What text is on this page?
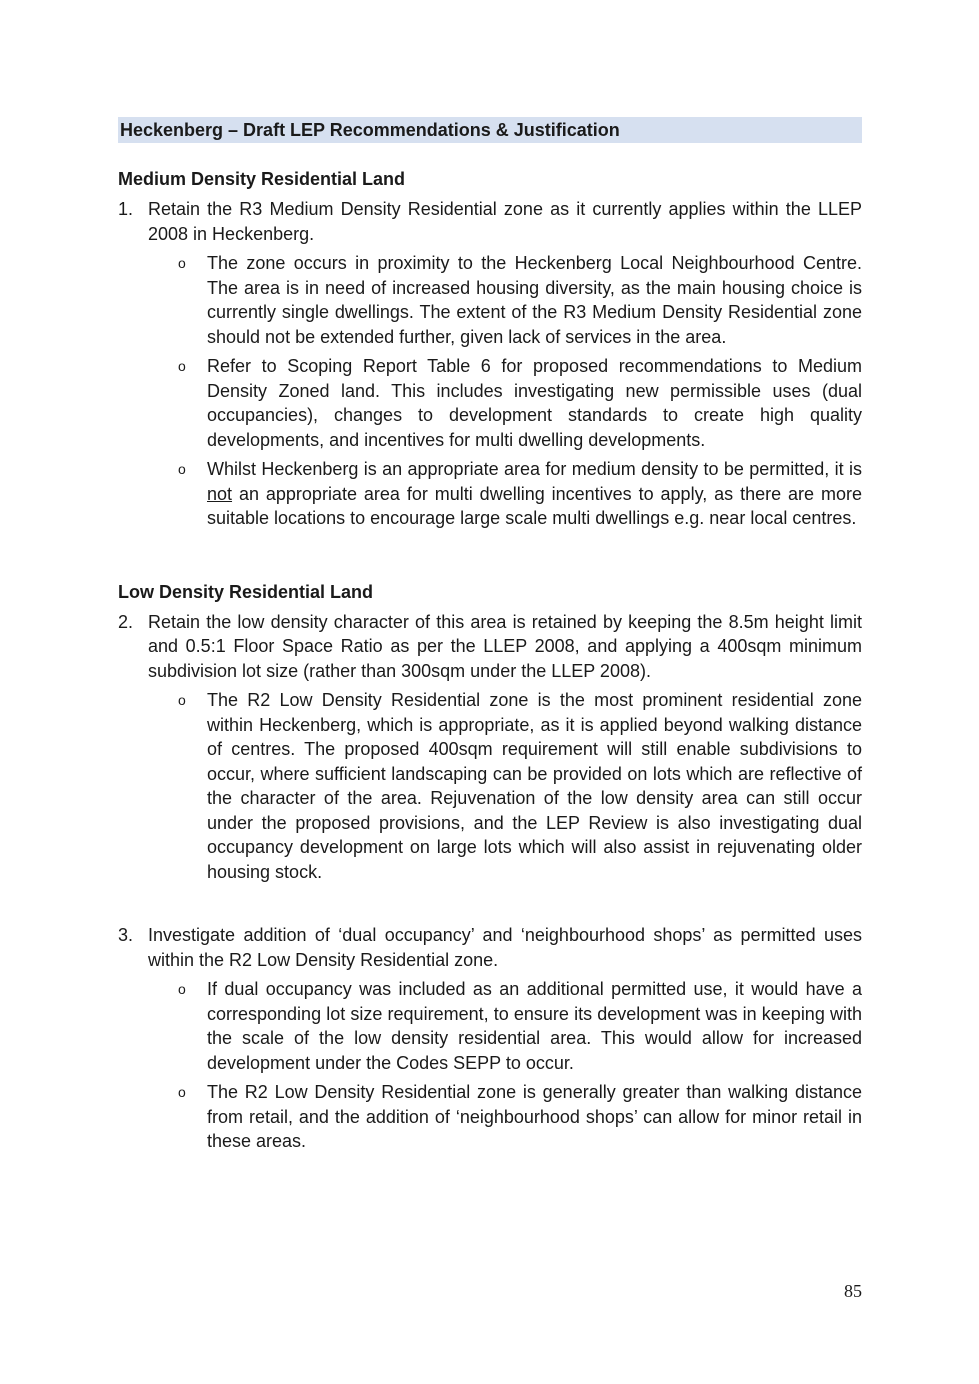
Heckenberg – Draft LEP Recommendations & Justification
Medium Density Residential Land
1. Retain the R3 Medium Density Residential zone as it currently applies within the LLEP 2008 in Heckenberg.
o The zone occurs in proximity to the Heckenberg Local Neighbourhood Centre. The area is in need of increased housing diversity, as the main housing choice is currently single dwellings. The extent of the R3 Medium Density Residential zone should not be extended further, given lack of services in the area.
o Refer to Scoping Report Table 6 for proposed recommendations to Medium Density Zoned land. This includes investigating new permissible uses (dual occupancies), changes to development standards to create high quality developments, and incentives for multi dwelling developments.
o Whilst Heckenberg is an appropriate area for medium density to be permitted, it is not an appropriate area for multi dwelling incentives to apply, as there are more suitable locations to encourage large scale multi dwellings e.g. near local centres.
Low Density Residential Land
2. Retain the low density character of this area is retained by keeping the 8.5m height limit and 0.5:1 Floor Space Ratio as per the LLEP 2008, and applying a 400sqm minimum subdivision lot size (rather than 300sqm under the LLEP 2008).
o The R2 Low Density Residential zone is the most prominent residential zone within Heckenberg, which is appropriate, as it is applied beyond walking distance of centres. The proposed 400sqm requirement will still enable subdivisions to occur, where sufficient landscaping can be provided on lots which are reflective of the character of the area. Rejuvenation of the low density area can still occur under the proposed provisions, and the LEP Review is also investigating dual occupancy development on large lots which will also assist in rejuvenating older housing stock.
3. Investigate addition of ‘dual occupancy’ and ‘neighbourhood shops’ as permitted uses within the R2 Low Density Residential zone.
o If dual occupancy was included as an additional permitted use, it would have a corresponding lot size requirement, to ensure its development was in keeping with the scale of the low density residential area. This would allow for increased development under the Codes SEPP to occur.
o The R2 Low Density Residential zone is generally greater than walking distance from retail, and the addition of ‘neighbourhood shops’ can allow for minor retail in these areas.
85
